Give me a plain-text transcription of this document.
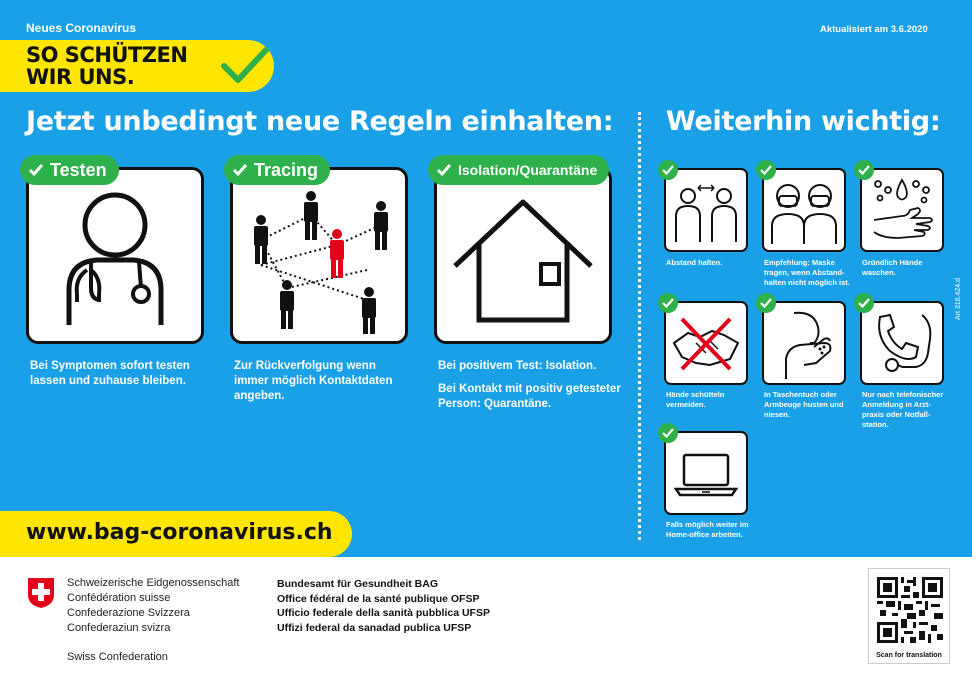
Neues Coronavirus	Aktualisiert am 3.6.2020
SO SCHÜTZEN
WIR UNS.
Jetzt unbedingt neue Regeln einhalten: Weiterhin wichtig:
Testen
Bei Symptomen sofort testen
lassen und zuhause bleiben.
Tracing
Zur Rückverfolgung wenn
immer möglich Kontaktdaten
angeben.
Isolation/Quarantäne
Bei positivem Test: Isolation.
Bei Kontakt mit positiv getesteter
Person: Quarantäne.
Abstand halten.	Empfehlung: Maske
tragen, wenn Abstand-
halten nicht möglich ist.
Gründlich Hände
waschen.
Hände schütteln
vermeiden.
In Taschentuch oder
Armbeuge husten und
niesen.
Nur nach telefonischer
Anmeldung in Arzt-
praxis oder Notfall-
station.
Falls möglich weiter im
Home-office arbeiten.
Art 316.424.d
www.bag-coronavirus.ch
Schweizerische Eidgenossenschaft
Confédération suisse
Confederazione Svizzera
Confederaziun svizra
Swiss Confederation
Bundesamt für Gesundheit BAG
Office fédéral de la santé publique OFSP
Ufficio federale della sanità pubblica UFSP
Uffizi federal da sanadad publica UFSP
Scan for translation
